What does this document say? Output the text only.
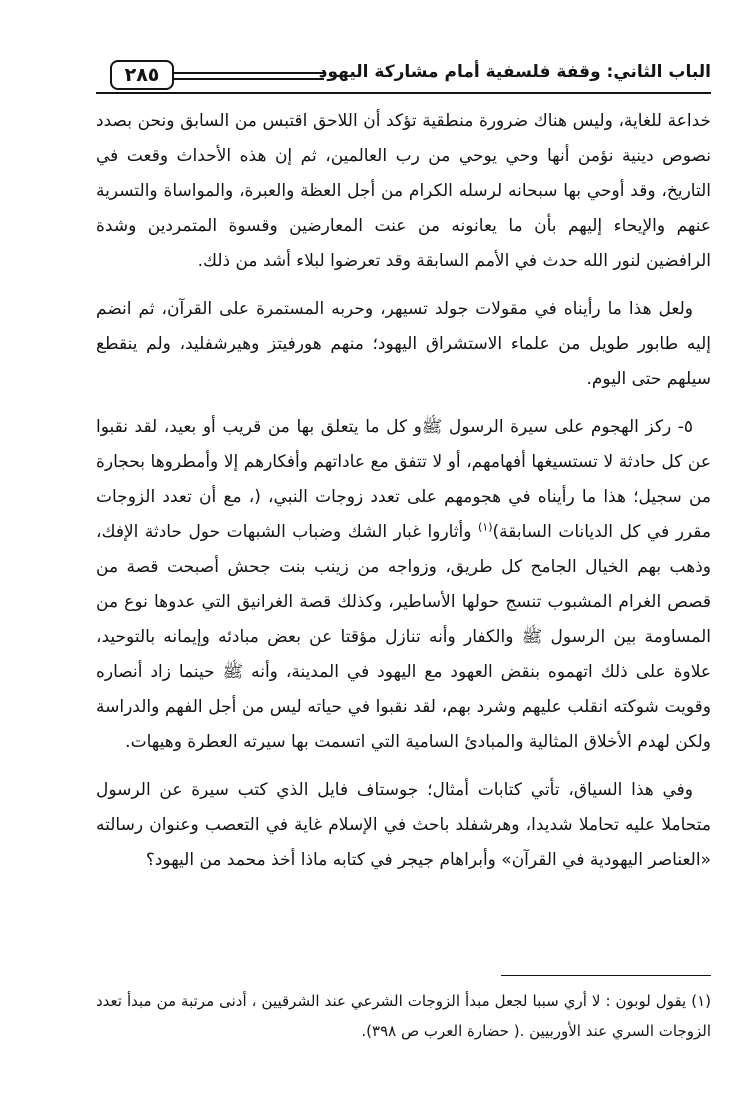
٢٨٥	الباب الثاني: وقفة فلسفية أمام مشاركة اليهود

خداعة للغاية، وليس هناك ضرورة منطقية تؤكد أن اللاحق اقتبس من السابق ونحن بصدد نصوص دينية نؤمن أنها وحي يوحي من رب العالمين، ثم إن هذه الأحداث وقعت في التاريخ، وقد أوحي بها سبحانه لرسله الكرام من أجل العظة والعبرة، والمواساة والتسرية عنهم والإيحاء إليهم بأن ما يعانونه من عنت المعارضين وقسوة المتمردين وشدة الرافضين لنور الله حدث في الأمم السابقة وقد تعرضوا لبلاء أشد من ذلك.

ولعل هذا ما رأيناه في مقولات جولد تسيهر، وحربه المستمرة على القرآن، ثم انضم إليه طابور طويل من علماء الاستشراق اليهود؛ منهم هورفيتز وهيرشفليد، ولم ينقطع سيلهم حتى اليوم.

٥- ركز الهجوم على سيرة الرسول ﷺو كل ما يتعلق بها من قريب أو بعيد، لقد نقبوا عن كل حادثة لا تستسيغها أفهامهم، أو لا تتفق مع عاداتهم وأفكارهم إلا وأمطروها بحجارة من سجيل؛ هذا ما رأيناه في هجومهم على تعدد زوجات النبي، (، مع أن تعدد الزوجات مقرر في كل الديانات السابقة)$^{(١)}$ وأثاروا غبار الشك وضباب الشبهات حول حادثة الإفك، وذهب بهم الخيال الجامح كل طريق، وزواجه من زينب بنت جحش أصبحت قصة من قصص الغرام المشبوب تنسج حولها الأساطير، وكذلك قصة الغرانيق التي عدوها نوع من المساومة بين الرسول ﷺ والكفار وأنه تنازل مؤقتا عن بعض مبادئه وإيمانه بالتوحيد، علاوة على ذلك اتهموه بنقض العهود مع اليهود في المدينة، وأنه ﷺ حينما زاد أنصاره وقويت شوكته انقلب عليهم وشرد بهم، لقد نقبوا في حياته ليس من أجل الفهم والدراسة ولكن لهدم الأخلاق المثالية والمبادئ السامية التي اتسمت بها سيرته العطرة وهيهات.

وفي هذا السياق، تأتي كتابات أمثال؛ جوستاف فايل الذي كتب سيرة عن الرسول متحاملا عليه تحاملا شديدا، وهرشفلد باحث في الإسلام غاية في التعصب وعنوان رسالته «العناصر اليهودية في القرآن» وأبراهام جيجر في كتابه ماذا أخذ محمد من اليهود؟

(١) يقول لوبون : لا أري سببا لجعل مبدأ الزوجات الشرعي عند الشرقيين ، أدنى مرتبة من مبدأ تعدد الزوجات السري عند الأوربيين .( حضارة العرب ص ٣٩٨).
